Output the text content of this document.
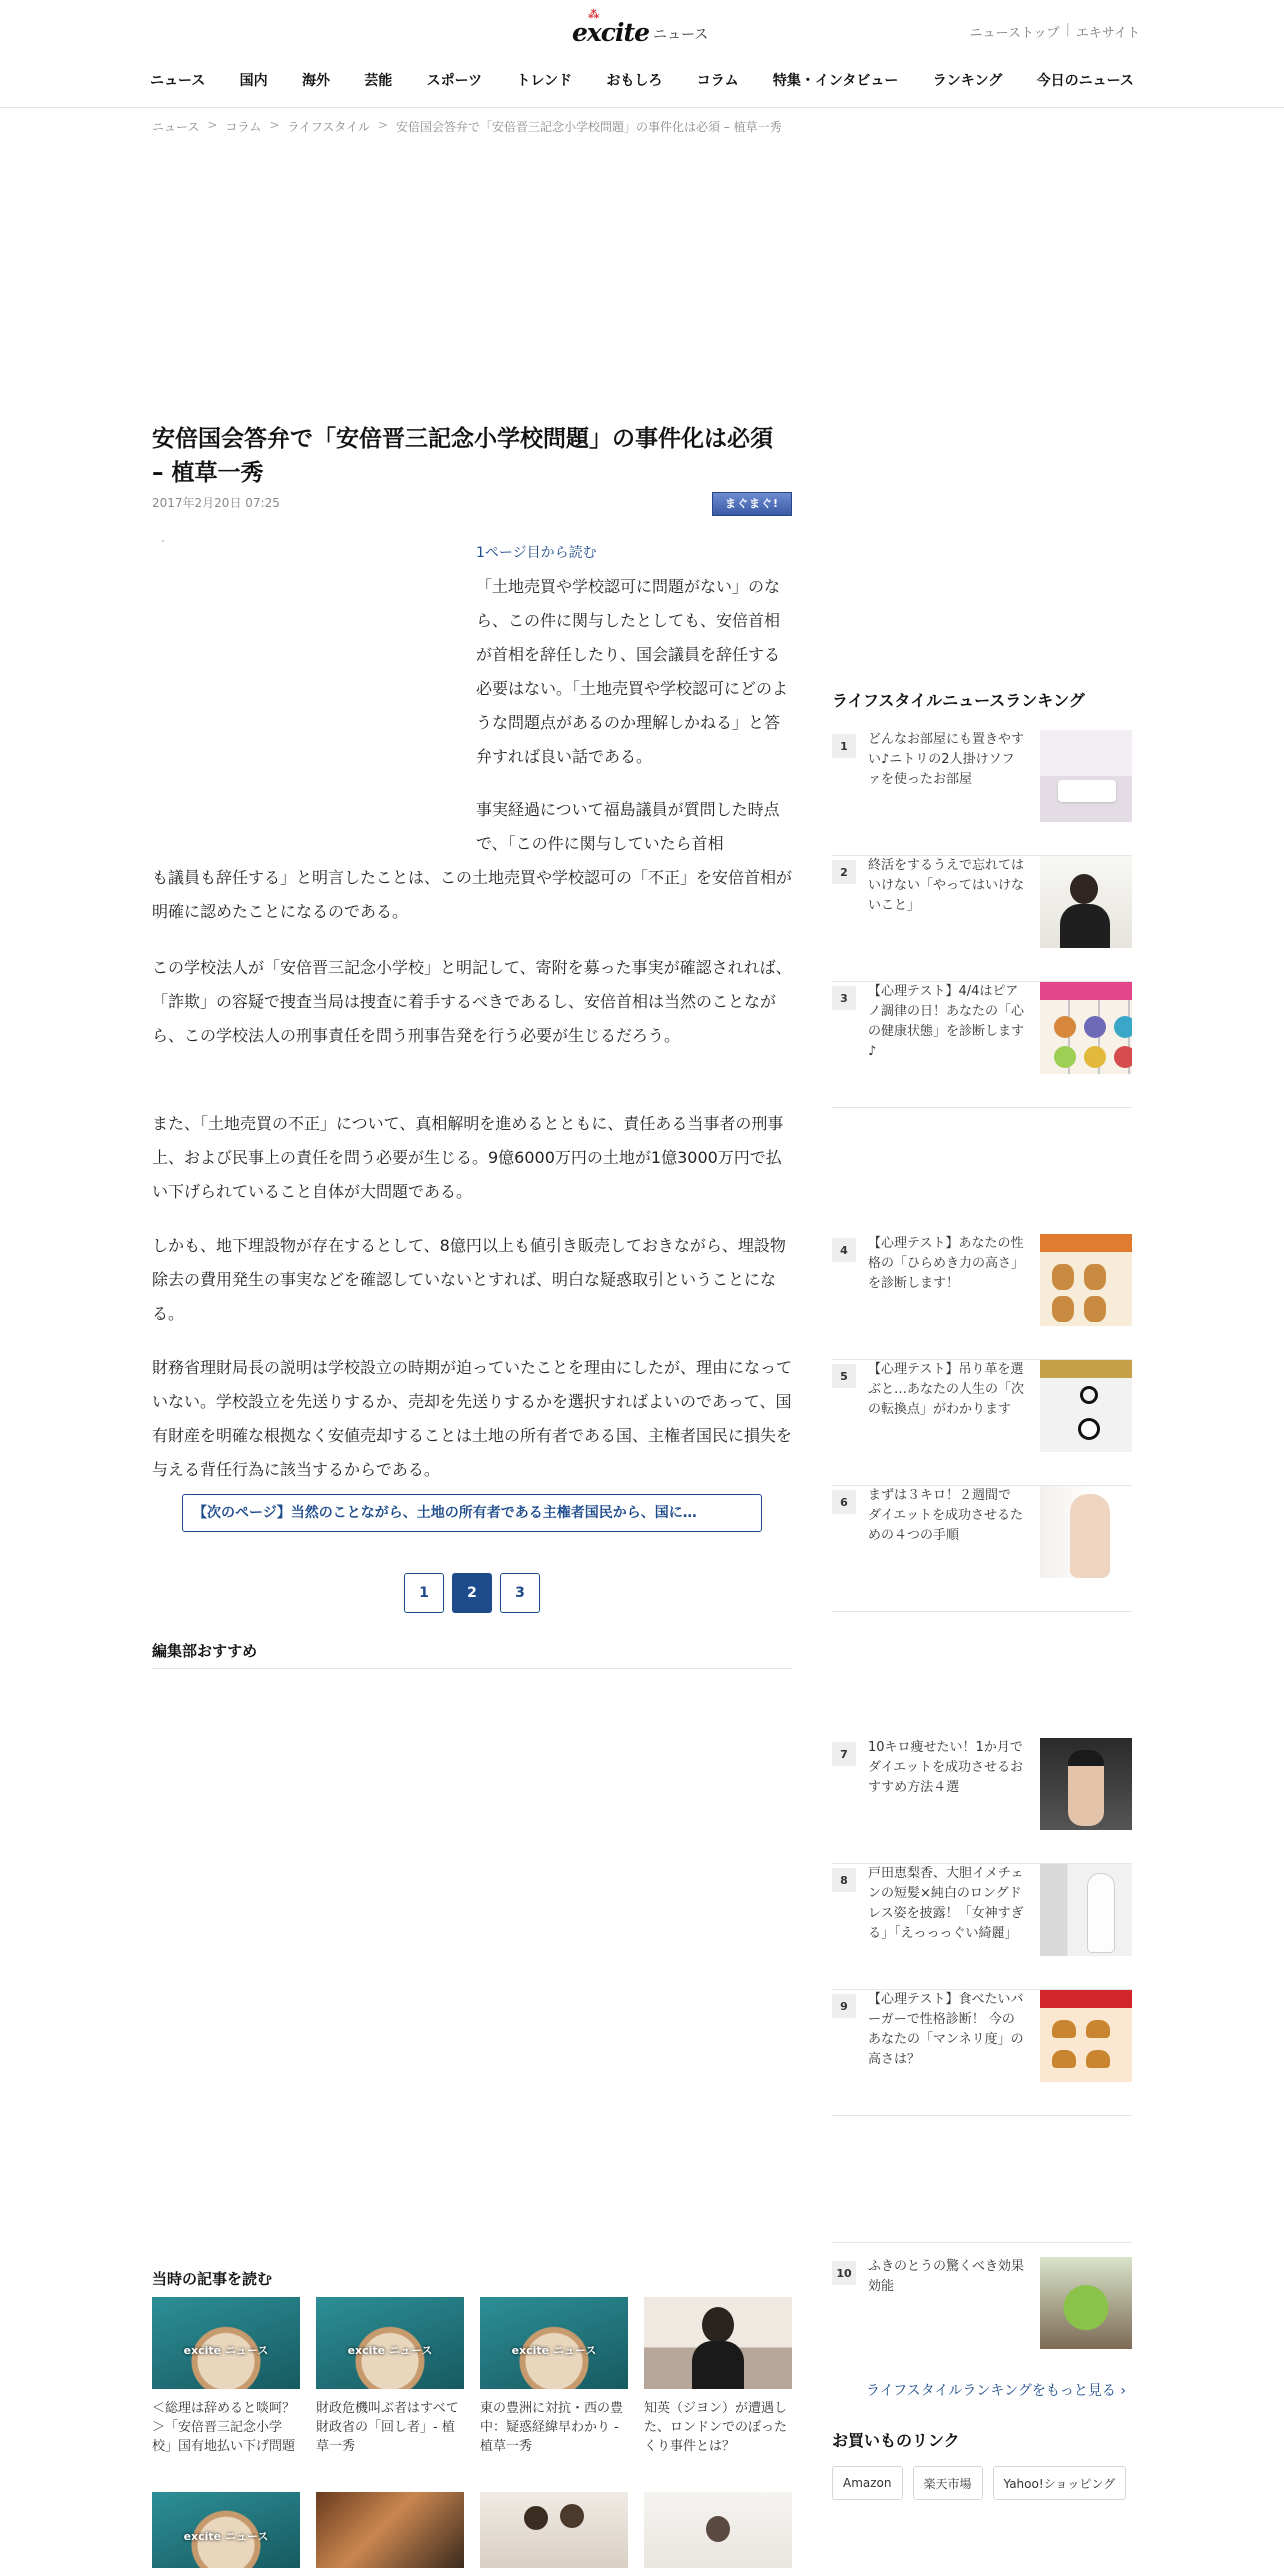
⁂
excite ニュース	ニューストップ | エキサイト
ニュース 国内 海外 芸能 スポーツ トレンド おもしろ コラム 特集・インタビュー ランキング 今日のニュース
ニュース > コラム > ライフスタイル > 安倍国会答弁で「安倍晋三記念小学校問題」の事件化は必須 – 植草一秀
安倍国会答弁で「安倍晋三記念小学校問題」の事件化は必須 – 植草一秀
2017年2月20日 07:25	まぐまぐ!
´	1ページ目から読む

「土地売買や学校認可に問題がない」のなら、この件に関与したとしても、安倍首相が首相を辞任したり、国会議員を辞任する必要はない。「土地売買や学校認可にどのような問題点があるのか理解しかねる」と答弁すれば良い話である。

事実経過について福島議員が質問した時点で、「この件に関与していたら首相

も議員も辞任する」と明言したことは、この土地売買や学校認可の「不正」を安倍首相が明確に認めたことになるのである。

この学校法人が「安倍晋三記念小学校」と明記して、寄附を募った事実が確認されれば、「詐欺」の容疑で捜査当局は捜査に着手するべきであるし、安倍首相は当然のことながら、この学校法人の刑事責任を問う刑事告発を行う必要が生じるだろう。

また、「土地売買の不正」について、真相解明を進めるとともに、責任ある当事者の刑事上、および民事上の責任を問う必要が生じる。9億6000万円の土地が1億3000万円で払い下げられていること自体が大問題である。

しかも、地下埋設物が存在するとして、8億円以上も値引き販売しておきながら、埋設物除去の費用発生の事実などを確認していないとすれば、明白な疑惑取引ということになる。

財務省理財局長の説明は学校設立の時期が迫っていたことを理由にしたが、理由になっていない。学校設立を先送りするか、売却を先送りするかを選択すればよいのであって、国有財産を明確な根拠なく安値売却することは土地の所有者である国、主権者国民に損失を与える背任行為に該当するからである。

【次のページ】当然のことながら、土地の所有者である主権者国民から、国に…
1	2	3
編集部おすすめ
当時の記事を読む
excite ニュース
＜総理は辞めると啖呵？＞「安倍晋三記念小学校」国有地払い下げ問題
excite ニュース
財政危機叫ぶ者はすべて財政省の「回し者」- 植草一秀
excite ニュース
東の豊洲に対抗・西の豊中：疑惑経緯早わかり - 植草一秀
知英（ジヨン）が遭遇した、ロンドンでのぼったくり事件とは？
excite ニュース
ライフスタイルニュースランキング
1	どんなお部屋にも置きやすい♪ニトリの2人掛けソファを使ったお部屋
2	終活をするうえで忘れてはいけない「やってはいけないこと」
3	【心理テスト】4/4はピアノ調律の日！あなたの「心の健康状態」を診断します♪
4	【心理テスト】あなたの性格の「ひらめき力の高さ」を診断します！
5	【心理テスト】吊り革を選ぶと…あなたの人生の「次の転換点」がわかります
6	まずは３キロ！２週間でダイエットを成功させるための４つの手順
7	10キロ痩せたい！1か月でダイエットを成功させるおすすめ方法４選
8	戸田恵梨香、大胆イメチェンの短髪×純白のロングドレス姿を披露！「女神すぎる」「えっっっぐい綺麗」
9	【心理テスト】食べたいバーガーで性格診断！ 今のあなたの「マンネリ度」の高さは？
10	ふきのとうの驚くべき効果効能
ライフスタイルランキングをもっと見る ›
お買いものリンク
Amazon	楽天市場	Yahoo!ショッピング
